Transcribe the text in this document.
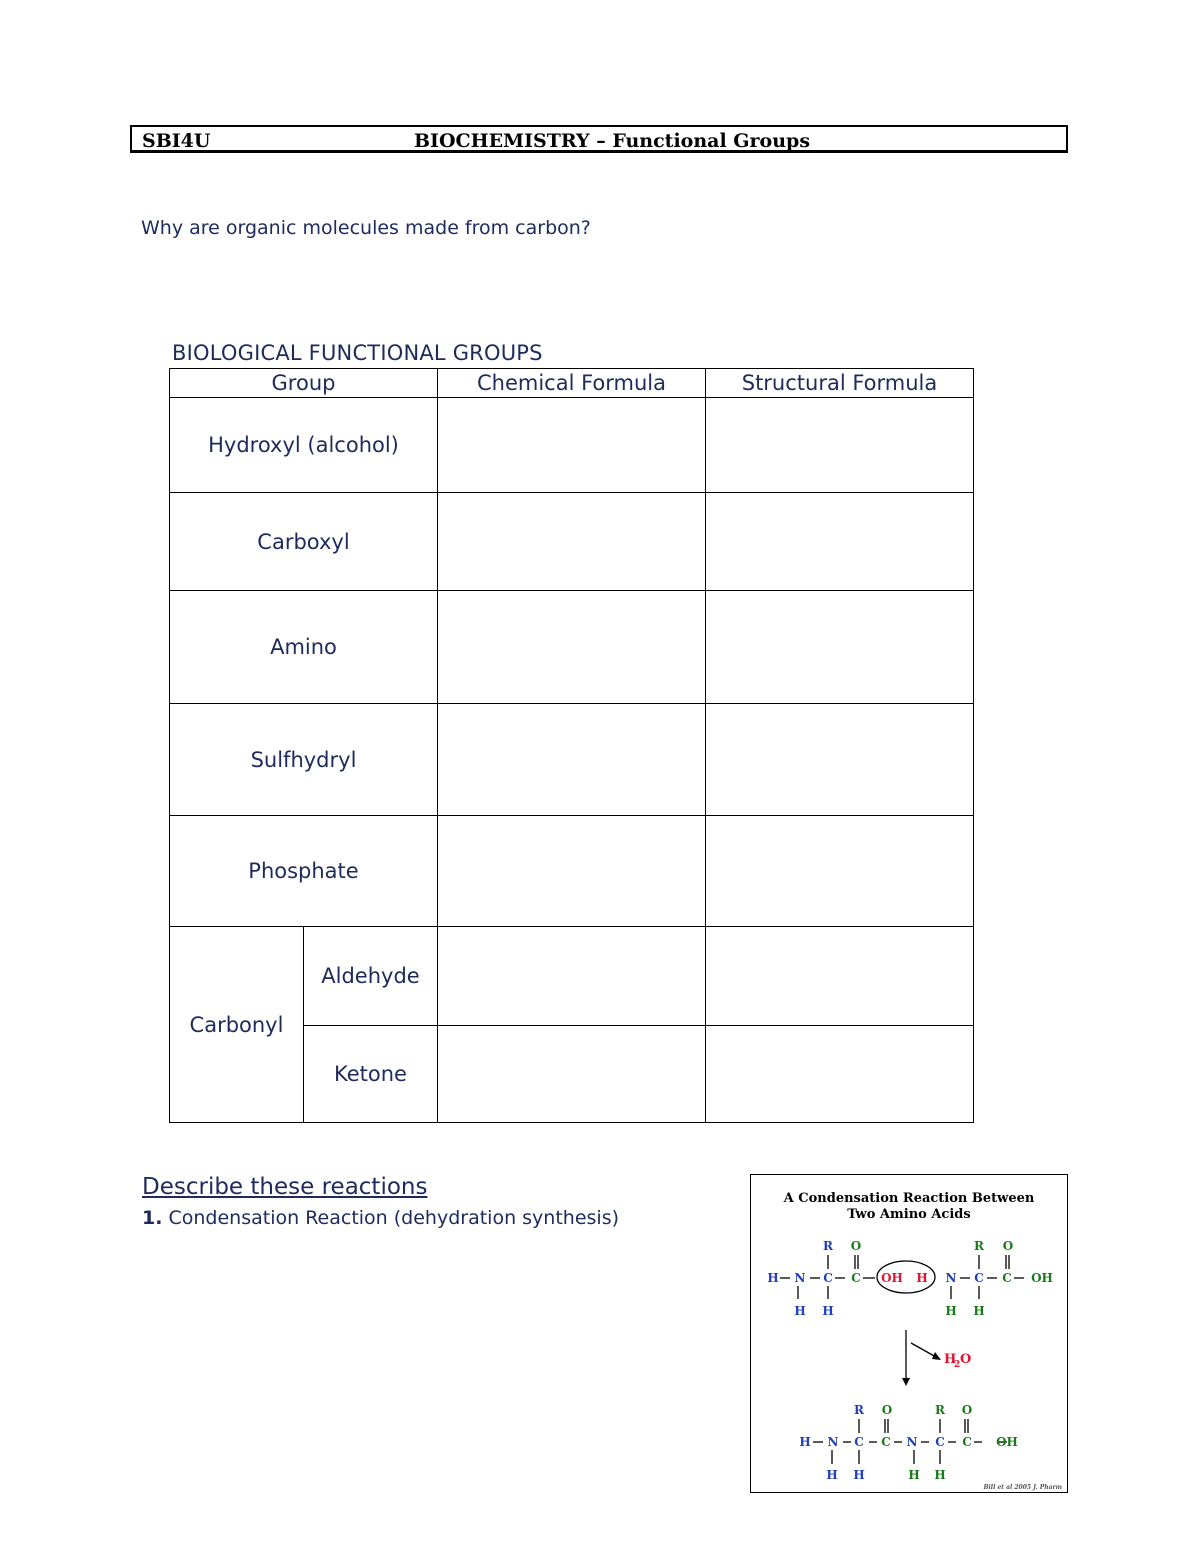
SBI4U	BIOCHEMISTRY – Functional Groups
Why are organic molecules made from carbon?
BIOLOGICAL FUNCTIONAL GROUPS
Group		Chemical Formula	Structural Formula
Hydroxyl (alcohol)			
Carboxyl			
Amino			
Sulfhydryl			
Phosphate			
Carbonyl	Aldehyde		
	Ketone		
Describe these reactions
1. Condensation Reaction (dehydration synthesis)
A Condensation Reaction Between
Two Amino Acids
H N C C
R O
OH H N C C
R O
OH
H H	H H
H
2 O
H N C C N C C
R O	R O
OH
H H	H H
Bill et al 2005 J. Pharm
